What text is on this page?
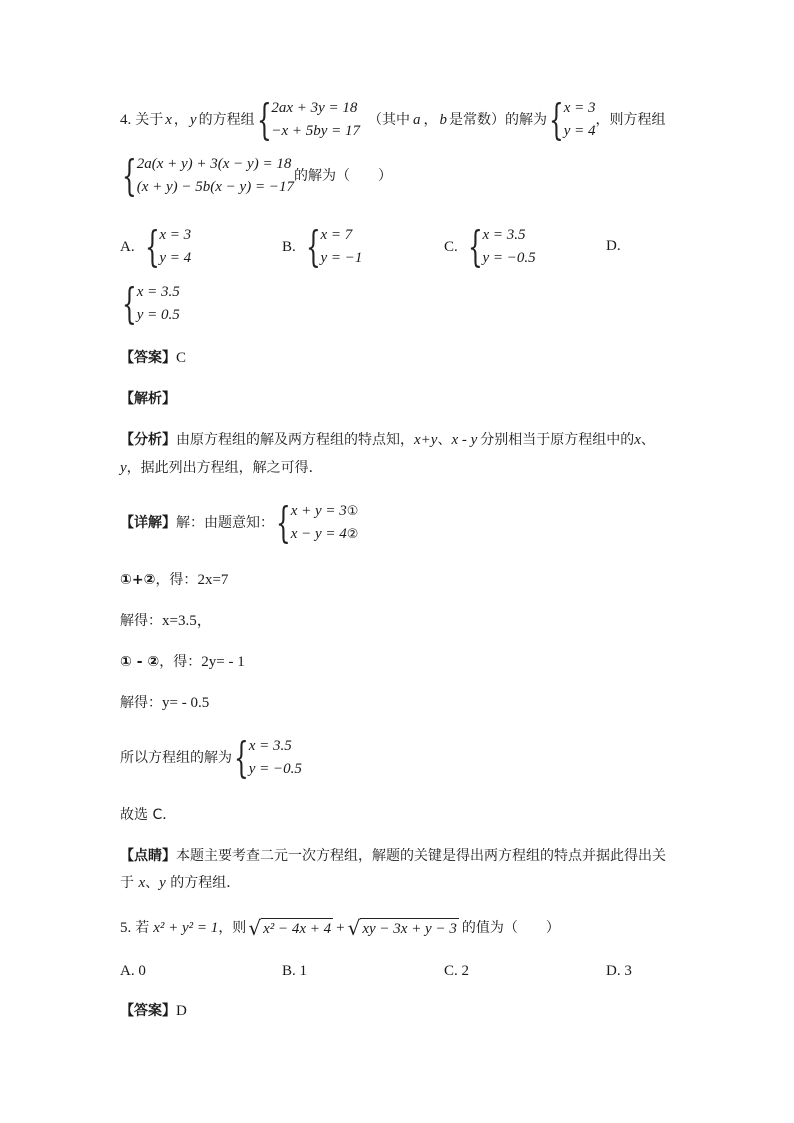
4. 关于 x ， y 的方程组 { 2ax + 3y = 18
−x + 5by = 17
（其中 a ， b 是常数）的解为 { x = 3
y = 4
，则方程组
{ 2a(x + y) + 3(x − y) = 18
(x + y) − 5b(x − y) = −17
的解为（　　）
A. { x = 3
y = 4
B. { x = 7
y = −1
C. { x = 3.5
y = −0.5
D.
{ x = 3.5
y = 0.5
【答案】C
【解析】
【分析】由原方程组的解及两方程组的特点知，x+y、x - y 分别相当于原方程组中的x、
y，据此列出方程组，解之可得．
【详解】 解：由题意知： { x + y = 3①
x − y = 4②
①+②，得：2x=7
解得：x=3.5，
① - ②，得：2y= - 1
解得：y= - 0.5
所以方程组的解为 { x = 3.5
y = −0.5
故选 C．
【点睛】本题主要考查二元一次方程组，解题的关键是得出两方程组的特点并据此得出关
于 x、y 的方程组．
5. 若 x² + y² = 1 ，则 √ x² − 4x + 4 + √ xy − 3x + y − 3 的值为（　　）
A. 0	B. 1	C. 2	D. 3
【答案】D
